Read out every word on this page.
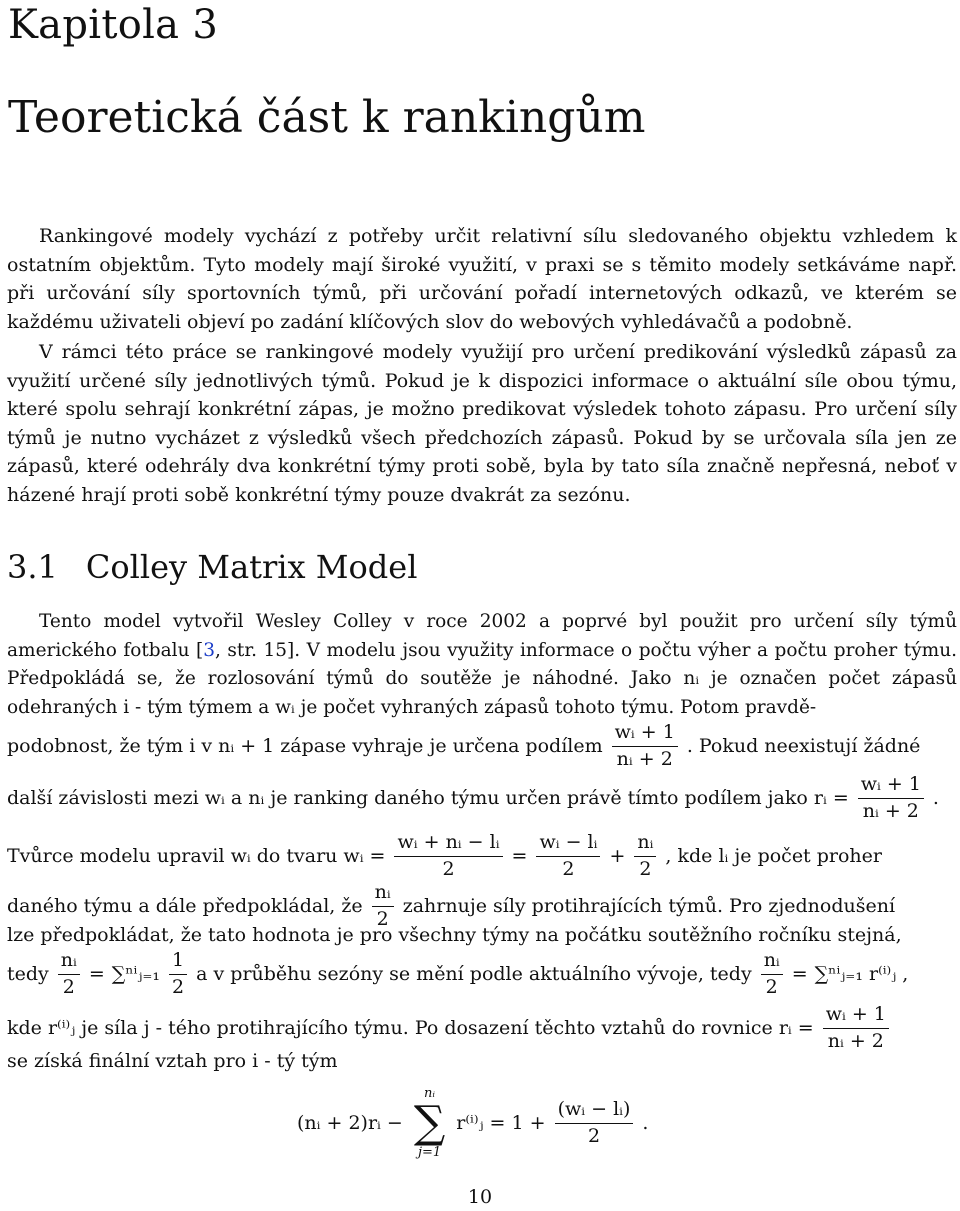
Kapitola 3
Teoretická část k rankingům

Rankingové modely vychází z potřeby určit relativní sílu sledovaného objektu vzhledem k ostatním objektům. Tyto modely mají široké využití, v praxi se s těmito modely setkáváme např. při určování síly sportovních týmů, při určování pořadí internetových odkazů, ve kterém se každému uživateli objeví po zadání klíčových slov do webových vyhledávačů a podobně.

V rámci této práce se rankingové modely využijí pro určení predikování výsledků zápasů za využití určené síly jednotlivých týmů. Pokud je k dispozici informace o aktuální síle obou týmu, které spolu sehrají konkrétní zápas, je možno predikovat výsledek tohoto zápasu. Pro určení síly týmů je nutno vycházet z výsledků všech předchozích zápasů. Pokud by se určovala síla jen ze zápasů, které odehrály dva konkrétní týmy proti sobě, byla by tato síla značně nepřesná, neboť v házené hrají proti sobě konkrétní týmy pouze dvakrát za sezónu.

3.1 Colley Matrix Model

Tento model vytvořil Wesley Colley v roce 2002 a poprvé byl použit pro určení síly týmů amerického fotbalu [3, str. 15]. V modelu jsou využity informace o počtu výher a počtu proher týmu. Předpokládá se, že rozlosování týmů do soutěže je náhodné. Jako nᵢ je označen počet zápasů odehraných i - tým týmem a wᵢ je počet vyhraných zápasů tohoto týmu. Potom pravdě-

podobnost, že tým i v nᵢ + 1 zápase vyhraje je určena podílem $\frac{\text{wᵢ + 1}}{\text{nᵢ + 2}}$ . Pokud neexistují žádné
další závislosti mezi wᵢ a nᵢ je ranking daného týmu určen právě tímto podílem jako rᵢ = $\frac{\text{wᵢ + 1}}{\text{nᵢ + 2}}$ .
Tvůrce modelu upravil wᵢ do tvaru wᵢ = $\frac{\text{wᵢ + nᵢ − lᵢ}}{2} = \frac{\text{wᵢ − lᵢ}}{2} + \frac{\text{nᵢ}}{2}$ , kde lᵢ je počet proher
daného týmu a dále předpokládal, že $\frac{\text{nᵢ}}{2}$ zahrnuje síly protihrajících týmů. Pro zjednodušení
lze předpokládat, že tato hodnota je pro všechny týmy na počátku soutěžního ročníku stejná,
tedy $\frac{\text{nᵢ}}{2}$ = ∑ⁿⁱⱼ₌₁ $\frac{1}{2}$ a v průběhu sezóny se mění podle aktuálního vývoje, tedy $\frac{\text{nᵢ}}{2}$ = ∑ⁿⁱⱼ₌₁ r⁽ⁱ⁾ⱼ ,
kde r⁽ⁱ⁾ⱼ je síla j - tého protihrajícího týmu. Po dosazení těchto vztahů do rovnice rᵢ = $\frac{\text{wᵢ + 1}}{\text{nᵢ + 2}}$
se získá finální vztah pro i - tý tým
(nᵢ + 2)rᵢ −
nᵢ
∑
j=1
r⁽ⁱ⁾ⱼ = $1 + \frac{\text{(wᵢ − lᵢ)}}{2}$ .
10
